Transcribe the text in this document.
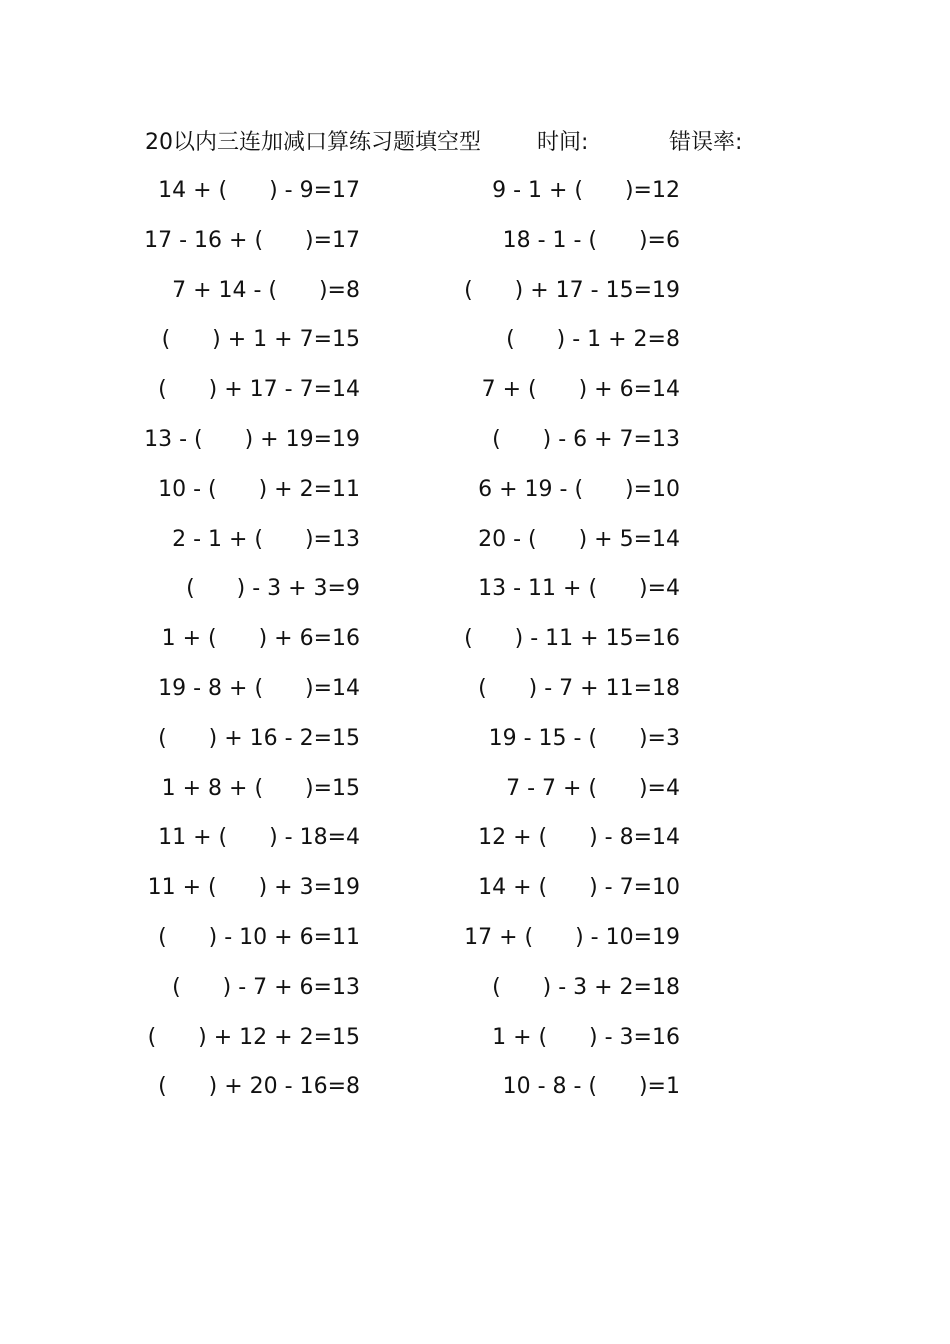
20以内三连加减口算练习题填空型	时间:	错误率:
14 + (      ) - 9=17
17 - 16 + (      )=17
7 + 14 - (      )=8
(      ) + 1 + 7=15
(      ) + 17 - 7=14
13 - (      ) + 19=19
10 - (      ) + 2=11
2 - 1 + (      )=13
(      ) - 3 + 3=9
1 + (      ) + 6=16
19 - 8 + (      )=14
(      ) + 16 - 2=15
1 + 8 + (      )=15
11 + (      ) - 18=4
11 + (      ) + 3=19
(      ) - 10 + 6=11
(      ) - 7 + 6=13
(      ) + 12 + 2=15
(      ) + 20 - 16=8
9 - 1 + (      )=12
18 - 1 - (      )=6
(      ) + 17 - 15=19
(      ) - 1 + 2=8
7 + (      ) + 6=14
(      ) - 6 + 7=13
6 + 19 - (      )=10
20 - (      ) + 5=14
13 - 11 + (      )=4
(      ) - 11 + 15=16
(      ) - 7 + 11=18
19 - 15 - (      )=3
7 - 7 + (      )=4
12 + (      ) - 8=14
14 + (      ) - 7=10
17 + (      ) - 10=19
(      ) - 3 + 2=18
1 + (      ) - 3=16
10 - 8 - (      )=1
